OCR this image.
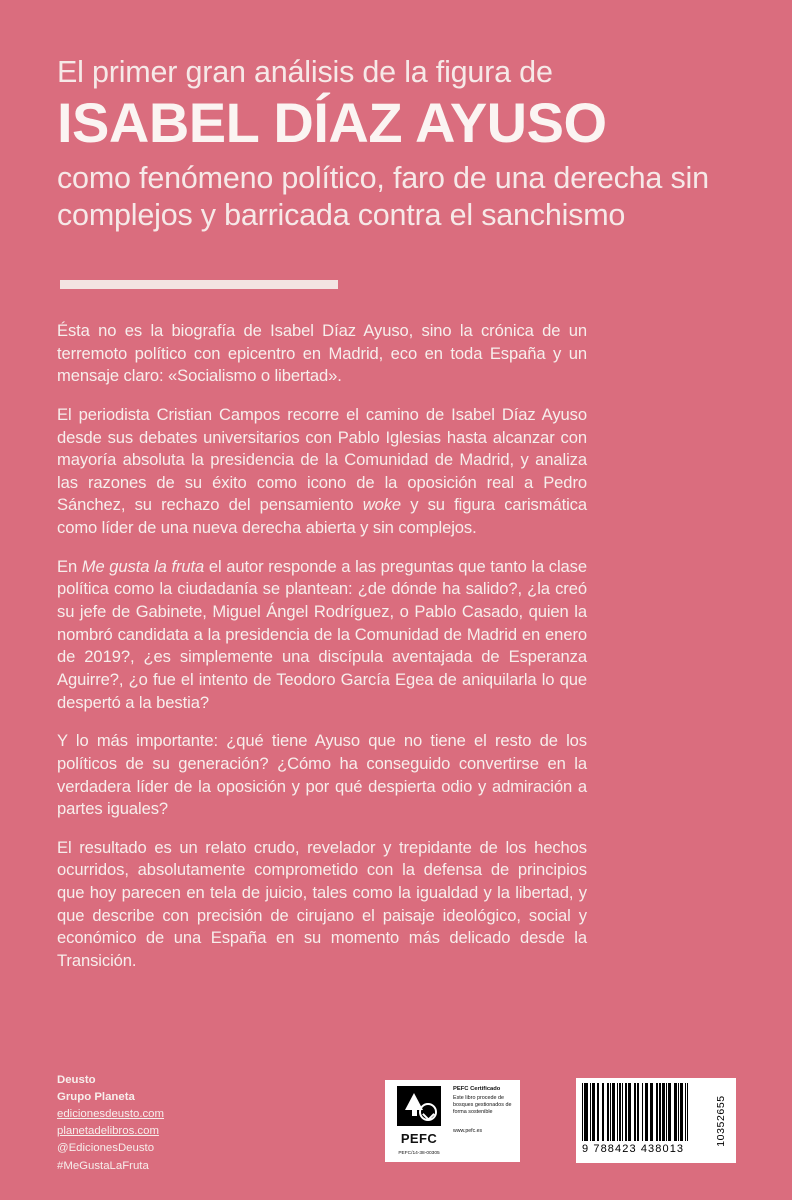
El primer gran análisis de la figura de

ISABEL DÍAZ AYUSO

como fenómeno político, faro de una derecha sin complejos y barricada contra el sanchismo

Ésta no es la biografía de Isabel Díaz Ayuso, sino la crónica de un terremoto político con epicentro en Madrid, eco en toda España y un mensaje claro: «Socialismo o libertad».

El periodista Cristian Campos recorre el camino de Isabel Díaz Ayuso desde sus debates universitarios con Pablo Iglesias hasta alcanzar con mayoría absoluta la presidencia de la Comunidad de Madrid, y analiza las razones de su éxito como icono de la oposición real a Pedro Sánchez, su rechazo del pensamiento woke y su figura carismática como líder de una nueva derecha abierta y sin complejos.

En Me gusta la fruta el autor responde a las preguntas que tanto la clase política como la ciudadanía se plantean: ¿de dónde ha salido?, ¿la creó su jefe de Gabinete, Miguel Ángel Rodríguez, o Pablo Casado, quien la nombró candidata a la presidencia de la Comunidad de Madrid en enero de 2019?, ¿es simplemente una discípula aventajada de Esperanza Aguirre?, ¿o fue el intento de Teodoro García Egea de aniquilarla lo que despertó a la bestia?

Y lo más importante: ¿qué tiene Ayuso que no tiene el resto de los políticos de su generación? ¿Cómo ha conseguido convertirse en la verdadera líder de la oposición y por qué despierta odio y admiración a partes iguales?

El resultado es un relato crudo, revelador y trepidante de los hechos ocurridos, absolutamente comprometido con la defensa de principios que hoy parecen en tela de juicio, tales como la igualdad y la libertad, y que describe con precisión de cirujano el paisaje ideológico, social y económico de una España en su momento más delicado desde la Transición.

Deusto
Grupo Planeta
edicionesdeusto.com
planetadelibros.com
@EdicionesDeusto
#MeGustaLaFruta
PEFC
PEFC/14-38-00305
PEFC Certificado
Este libro procede de bosques gestionados de forma sostenible
www.pefc.es
9 788423 438013
10352655
